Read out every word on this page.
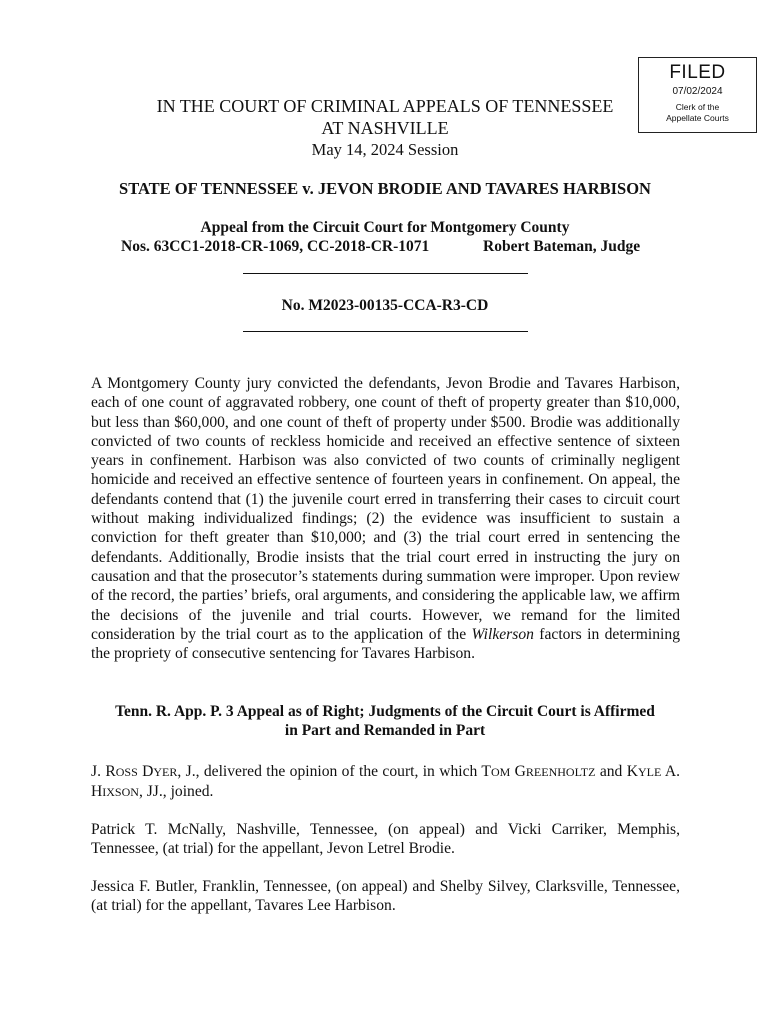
FILED
07/02/2024
Clerk of the
Appellate Courts
IN THE COURT OF CRIMINAL APPEALS OF TENNESSEE
AT NASHVILLE
May 14, 2024 Session
STATE OF TENNESSEE v. JEVON BRODIE AND TAVARES HARBISON
Appeal from the Circuit Court for Montgomery County
Nos. 63CC1-2018-CR-1069, CC-2018-CR-1071	Robert Bateman, Judge
No. M2023-00135-CCA-R3-CD
A Montgomery County jury convicted the defendants, Jevon Brodie and Tavares Harbison, each of one count of aggravated robbery, one count of theft of property greater than $10,000, but less than $60,000, and one count of theft of property under $500. Brodie was additionally convicted of two counts of reckless homicide and received an effective sentence of sixteen years in confinement. Harbison was also convicted of two counts of criminally negligent homicide and received an effective sentence of fourteen years in confinement. On appeal, the defendants contend that (1) the juvenile court erred in transferring their cases to circuit court without making individualized findings; (2) the evidence was insufficient to sustain a conviction for theft greater than $10,000; and (3) the trial court erred in sentencing the defendants. Additionally, Brodie insists that the trial court erred in instructing the jury on causation and that the prosecutor’s statements during summation were improper. Upon review of the record, the parties’ briefs, oral arguments, and considering the applicable law, we affirm the decisions of the juvenile and trial courts. However, we remand for the limited consideration by the trial court as to the application of the Wilkerson factors in determining the propriety of consecutive sentencing for Tavares Harbison.
Tenn. R. App. P. 3 Appeal as of Right; Judgments of the Circuit Court is Affirmed
in Part and Remanded in Part
J. ROSS DYER, J., delivered the opinion of the court, in which TOM GREENHOLTZ and KYLE A. HIXSON, JJ., joined.
Patrick T. McNally, Nashville, Tennessee, (on appeal) and Vicki Carriker, Memphis, Tennessee, (at trial) for the appellant, Jevon Letrel Brodie.
Jessica F. Butler, Franklin, Tennessee, (on appeal) and Shelby Silvey, Clarksville, Tennessee, (at trial) for the appellant, Tavares Lee Harbison.
